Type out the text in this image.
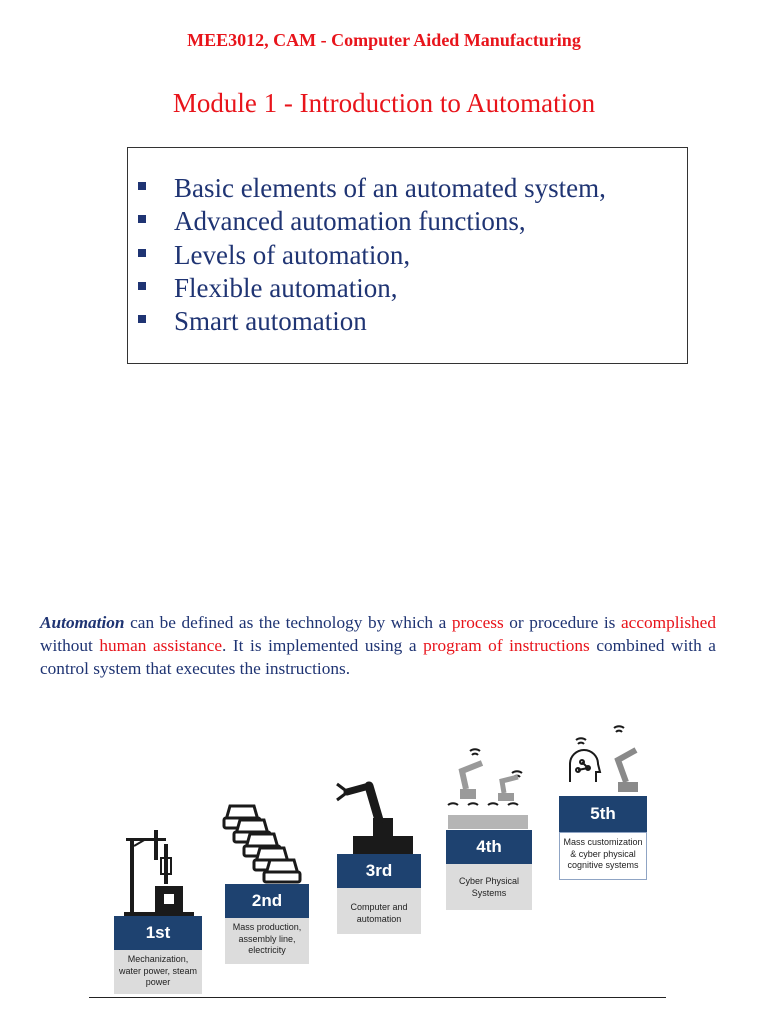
MEE3012, CAM - Computer Aided Manufacturing
Module 1 - Introduction to Automation
Basic elements of an automated system,
Advanced automation functions,
Levels of automation,
Flexible automation,
Smart automation
Automation can be defined as the technology by which a process or procedure is accomplished without human assistance. It is implemented using a program of instructions combined with a control system that executes the instructions.
1st
Mechanization, water power, steam power
2nd
Mass production, assembly line, electricity
3rd
Computer and automation
4th
Cyber Physical Systems
5th
Mass customization & cyber physical cognitive systems
